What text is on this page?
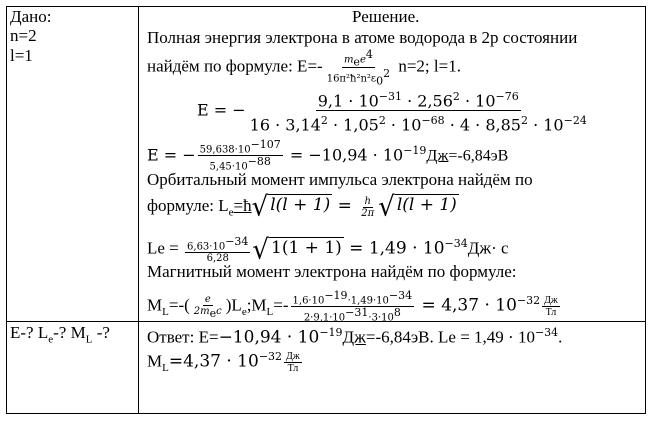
Дано:
n=2
l=1
E-? $L_e-$? $M_L$ -?
Решение.
Полная энергия электрона в атоме водорода в 2p состоянии
найдём по формуле: $E=- \frac{m_ee^4}{16\pi^2ħ^2n^2\varepsilon_0^2} n=2$; l=1.
E = − $\frac{9,1 \cdot 10^{-31} \cdot 2,56^2 \cdot 10^{-76}}{16 \cdot 3,14^2 \cdot 1,05^2 \cdot 10^{-68} \cdot 4 \cdot 8,85^2 \cdot 10^{-24}}$
E = − $\frac{59,638\cdot 10^{-107}}{5,45\cdot 10^{-88}} = -10,94 \cdot 10^{-19}Дж=-6,84эВ$
Орбитальный момент импульса электрона найдём по
формуле: $L_e=ħ$ √ $l(l + 1) = \frac{h}{2\pi}$ √ l(l + 1)
$Le = \frac{6,63\cdot 10^{-34}}{6,28}$ √ $1(1 + 1) = 1,49 \cdot 10^{-34}Дж\cdot с$
Магнитный момент электрона найдём по формуле:
$M_L=-( \frac{e}{2m_ec}$ )$L_e;M_L=- \frac{1,6\cdot 10^{-19}\cdot 1,49\cdot 10^{-34}}{2\cdot 9,1\cdot 10^{-31}\cdot 3\cdot 10^8} = 4,37 \cdot 10^{-32} \frac{Дж}{Тл}$
Ответ: $E=-10,94 \cdot 10^{-19}Дж=-6,84эВ$. $Le = 1,49 \cdot 10^{-34}$.
$M_L=4,37 \cdot 10^{-32} \frac{Дж}{Тл}$
